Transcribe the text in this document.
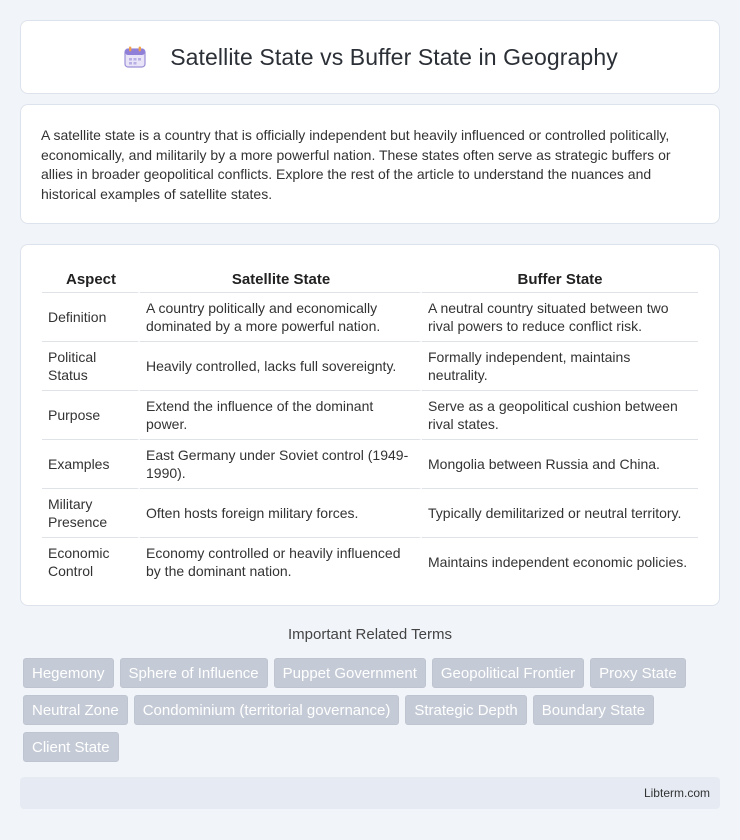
Satellite State vs Buffer State in Geography

A satellite state is a country that is officially independent but heavily influenced or controlled politically, economically, and militarily by a more powerful nation. These states often serve as strategic buffers or allies in broader geopolitical conflicts. Explore the rest of the article to understand the nuances and historical examples of satellite states.

Aspect	Satellite State	Buffer State
Definition	A country politically and economically dominated by a more powerful nation.	A neutral country situated between two rival powers to reduce conflict risk.
Political Status	Heavily controlled, lacks full sovereignty.	Formally independent, maintains neutrality.
Purpose	Extend the influence of the dominant power.	Serve as a geopolitical cushion between rival states.
Examples	East Germany under Soviet control (1949-1990).	Mongolia between Russia and China.
Military Presence	Often hosts foreign military forces.	Typically demilitarized or neutral territory.
Economic Control	Economy controlled or heavily influenced by the dominant nation.	Maintains independent economic policies.
Important Related Terms
Hegemony	Sphere of Influence	Puppet Government	Geopolitical Frontier	Proxy State
Neutral Zone	Condominium (territorial governance)	Strategic Depth	Boundary State
Client State
Libterm.com
